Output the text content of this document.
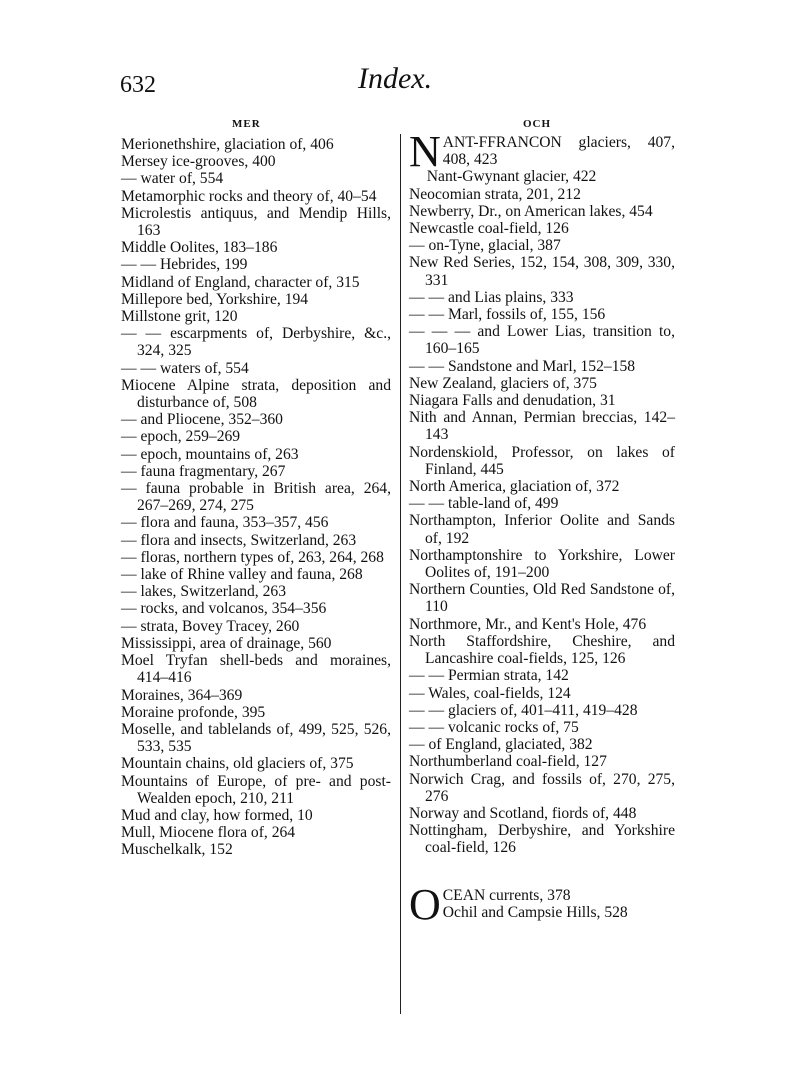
632	Index.
MER	OCH
Merionethshire, glaciation of, 406
Mersey ice-grooves, 400
— water of, 554
Metamorphic rocks and theory of, 40–54
Microlestis antiquus, and Mendip Hills, 163
Middle Oolites, 183–186
— — Hebrides, 199
Midland of England, character of, 315
Millepore bed, Yorkshire, 194
Millstone grit, 120
— — escarpments of, Derbyshire, &c., 324, 325
— — waters of, 554
Miocene Alpine strata, deposition and disturbance of, 508
— and Pliocene, 352–360
— epoch, 259–269
— epoch, mountains of, 263
— fauna fragmentary, 267
— fauna probable in British area, 264, 267–269, 274, 275
— flora and fauna, 353–357, 456
— flora and insects, Switzerland, 263
— floras, northern types of, 263, 264, 268
— lake of Rhine valley and fauna, 268
— lakes, Switzerland, 263
— rocks, and volcanos, 354–356
— strata, Bovey Tracey, 260
Mississippi, area of drainage, 560
Moel Tryfan shell-beds and moraines, 414–416
Moraines, 364–369
Moraine profonde, 395
Moselle, and tablelands of, 499, 525, 526, 533, 535
Mountain chains, old glaciers of, 375
Mountains of Europe, of pre- and post-Wealden epoch, 210, 211
Mud and clay, how formed, 10
Mull, Miocene flora of, 264
Muschelkalk, 152
NANT-FFRANCON glaciers, 407, 408, 423
Nant-Gwynant glacier, 422
Neocomian strata, 201, 212
Newberry, Dr., on American lakes, 454
Newcastle coal-field, 126
— on-Tyne, glacial, 387
New Red Series, 152, 154, 308, 309, 330, 331
— — and Lias plains, 333
— — Marl, fossils of, 155, 156
— — — and Lower Lias, transition to, 160–165
— — Sandstone and Marl, 152–158
New Zealand, glaciers of, 375
Niagara Falls and denudation, 31
Nith and Annan, Permian breccias, 142–143
Nordenskiold, Professor, on lakes of Finland, 445
North America, glaciation of, 372
— — table-land of, 499
Northampton, Inferior Oolite and Sands of, 192
Northamptonshire to Yorkshire, Lower Oolites of, 191–200
Northern Counties, Old Red Sandstone of, 110
Northmore, Mr., and Kent's Hole, 476
North Staffordshire, Cheshire, and Lancashire coal-fields, 125, 126
— — Permian strata, 142
— Wales, coal-fields, 124
— — glaciers of, 401–411, 419–428
— — volcanic rocks of, 75
— of England, glaciated, 382
Northumberland coal-field, 127
Norwich Crag, and fossils of, 270, 275, 276
Norway and Scotland, fiords of, 448
Nottingham, Derbyshire, and Yorkshire coal-field, 126
OCEAN currents, 378
Ochil and Campsie Hills, 528
